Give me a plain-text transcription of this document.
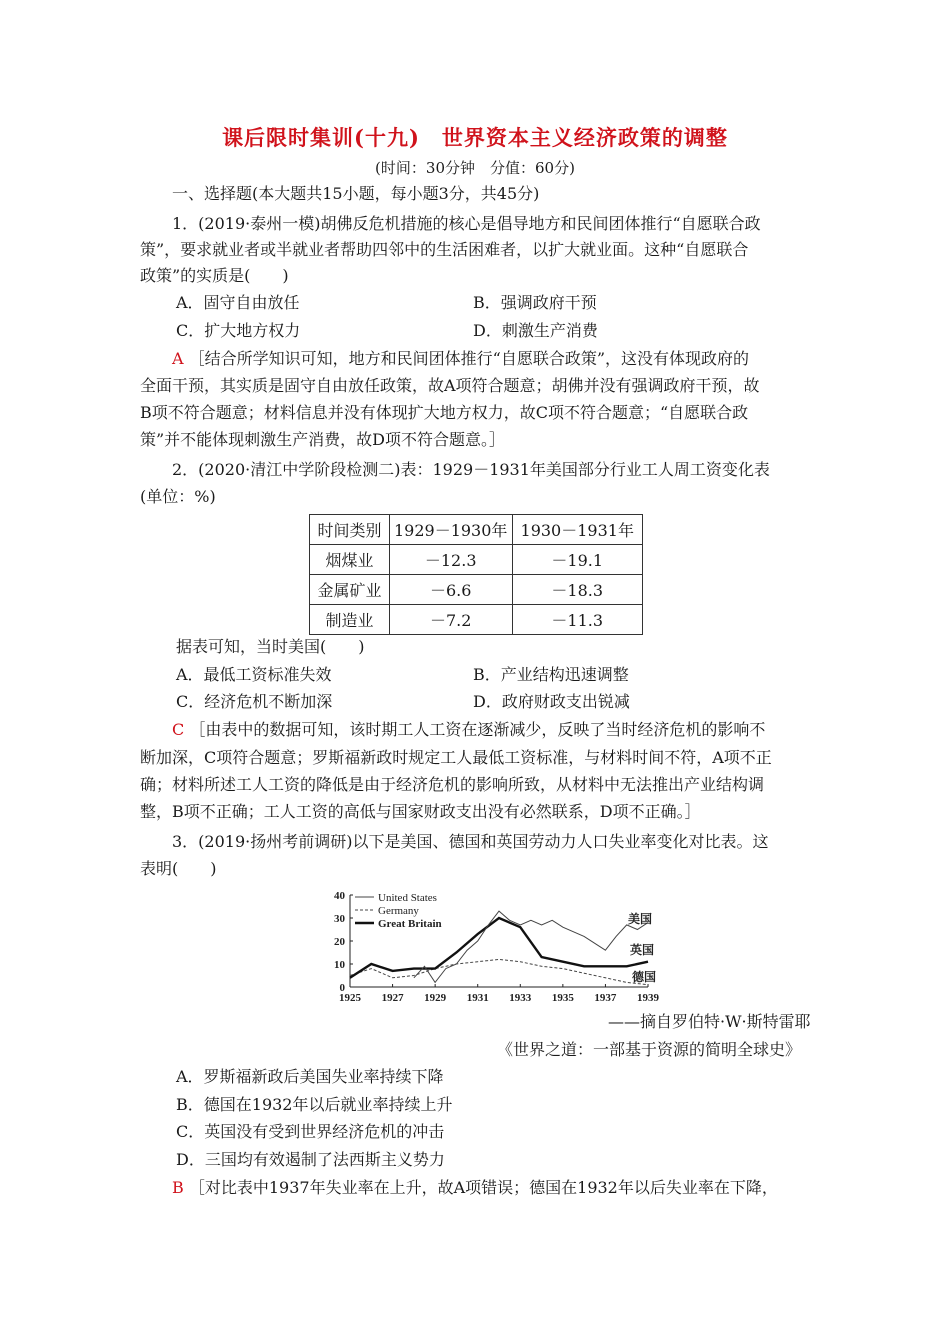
课后限时集训(十九)　世界资本主义经济政策的调整
(时间：30分钟　分值：60分)
一、选择题(本大题共15小题，每小题3分，共45分)
1．(2019·泰州一模)胡佛反危机措施的核心是倡导地方和民间团体推行“自愿联合政
策”，要求就业者或半就业者帮助四邻中的生活困难者，以扩大就业面。这种“自愿联合
政策”的实质是(　　)
A．固守自由放任	B．强调政府干预
C．扩大地方权力	D．刺激生产消费
A ［结合所学知识可知，地方和民间团体推行“自愿联合政策”，这没有体现政府的
全面干预，其实质是固守自由放任政策，故A项符合题意；胡佛并没有强调政府干预，故
B项不符合题意；材料信息并没有体现扩大地方权力，故C项不符合题意；“自愿联合政
策”并不能体现刺激生产消费，故D项不符合题意。］
2．(2020·清江中学阶段检测二)表：1929－1931年美国部分行业工人周工资变化表
(单位：%)
时间类别	1929－1930年	1930－1931年
烟煤业	－12.3	－19.1
金属矿业	－6.6	－18.3
制造业	－7.2	－11.3
据表可知，当时美国(　　)
A．最低工资标准失效	B．产业结构迅速调整
C．经济危机不断加深	D．政府财政支出锐减
C ［由表中的数据可知，该时期工人工资在逐渐减少，反映了当时经济危机的影响不
断加深，C项符合题意；罗斯福新政时规定工人最低工资标准，与材料时间不符，A项不正
确；材料所述工人工资的降低是由于经济危机的影响所致，从材料中无法推出产业结构调
整，B项不正确；工人工资的高低与国家财政支出没有必然联系，D项不正确。］
3．(2019·扬州考前调研)以下是美国、德国和英国劳动力人口失业率变化对比表。这
表明(　　)
1925 1927 1929 1931 1933 1935 1937 1939
0
10
20
30
40	United States
Germany
Great Britain	美国
英国
德国
——摘自罗伯特·W·斯特雷耶
《世界之道：一部基于资源的简明全球史》
A．罗斯福新政后美国失业率持续下降
B．德国在1932年以后就业率持续上升
C．英国没有受到世界经济危机的冲击
D．三国均有效遏制了法西斯主义势力
B ［对比表中1937年失业率在上升，故A项错误；德国在1932年以后失业率在下降，
